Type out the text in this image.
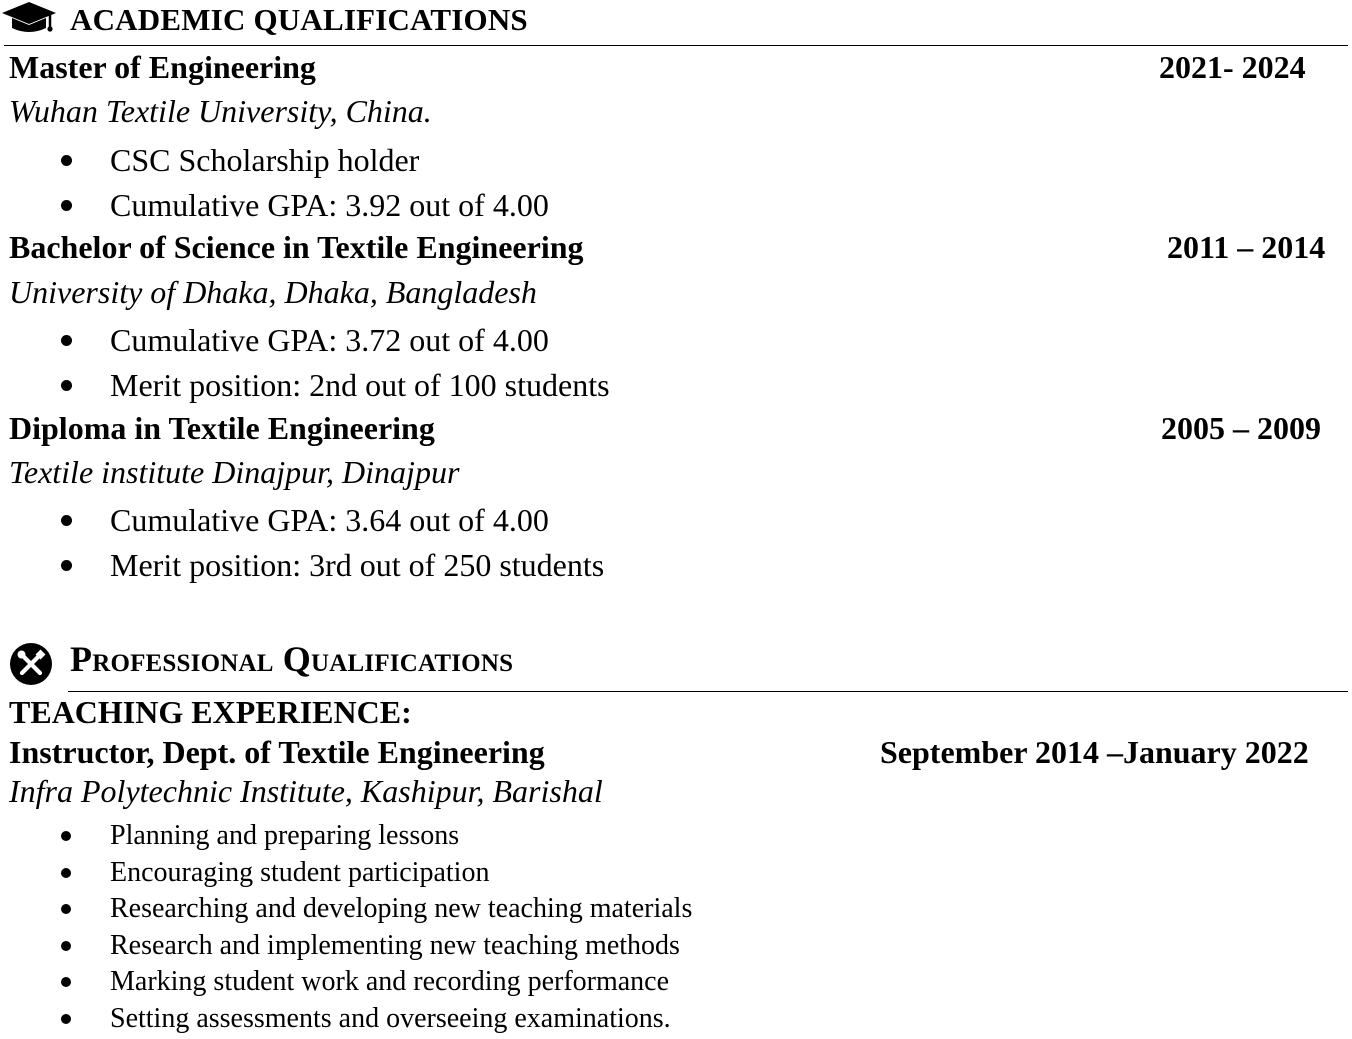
ACADEMIC QUALIFICATIONS
Master of Engineering	2021- 2024
Wuhan Textile University, China.
CSC Scholarship holder
Cumulative GPA: 3.92 out of 4.00
Bachelor of Science in Textile Engineering	2011 – 2014
University of Dhaka, Dhaka, Bangladesh
Cumulative GPA: 3.72 out of 4.00
Merit position: 2nd out of 100 students
Diploma in Textile Engineering	2005 – 2009
Textile institute Dinajpur, Dinajpur
Cumulative GPA: 3.64 out of 4.00
Merit position: 3rd out of 250 students
Professional Qualifications
TEACHING EXPERIENCE:
Instructor, Dept. of Textile Engineering	September 2014 –January 2022
Infra Polytechnic Institute, Kashipur, Barishal
Planning and preparing lessons
Encouraging student participation
Researching and developing new teaching materials
Research and implementing new teaching methods
Marking student work and recording performance
Setting assessments and overseeing examinations.
